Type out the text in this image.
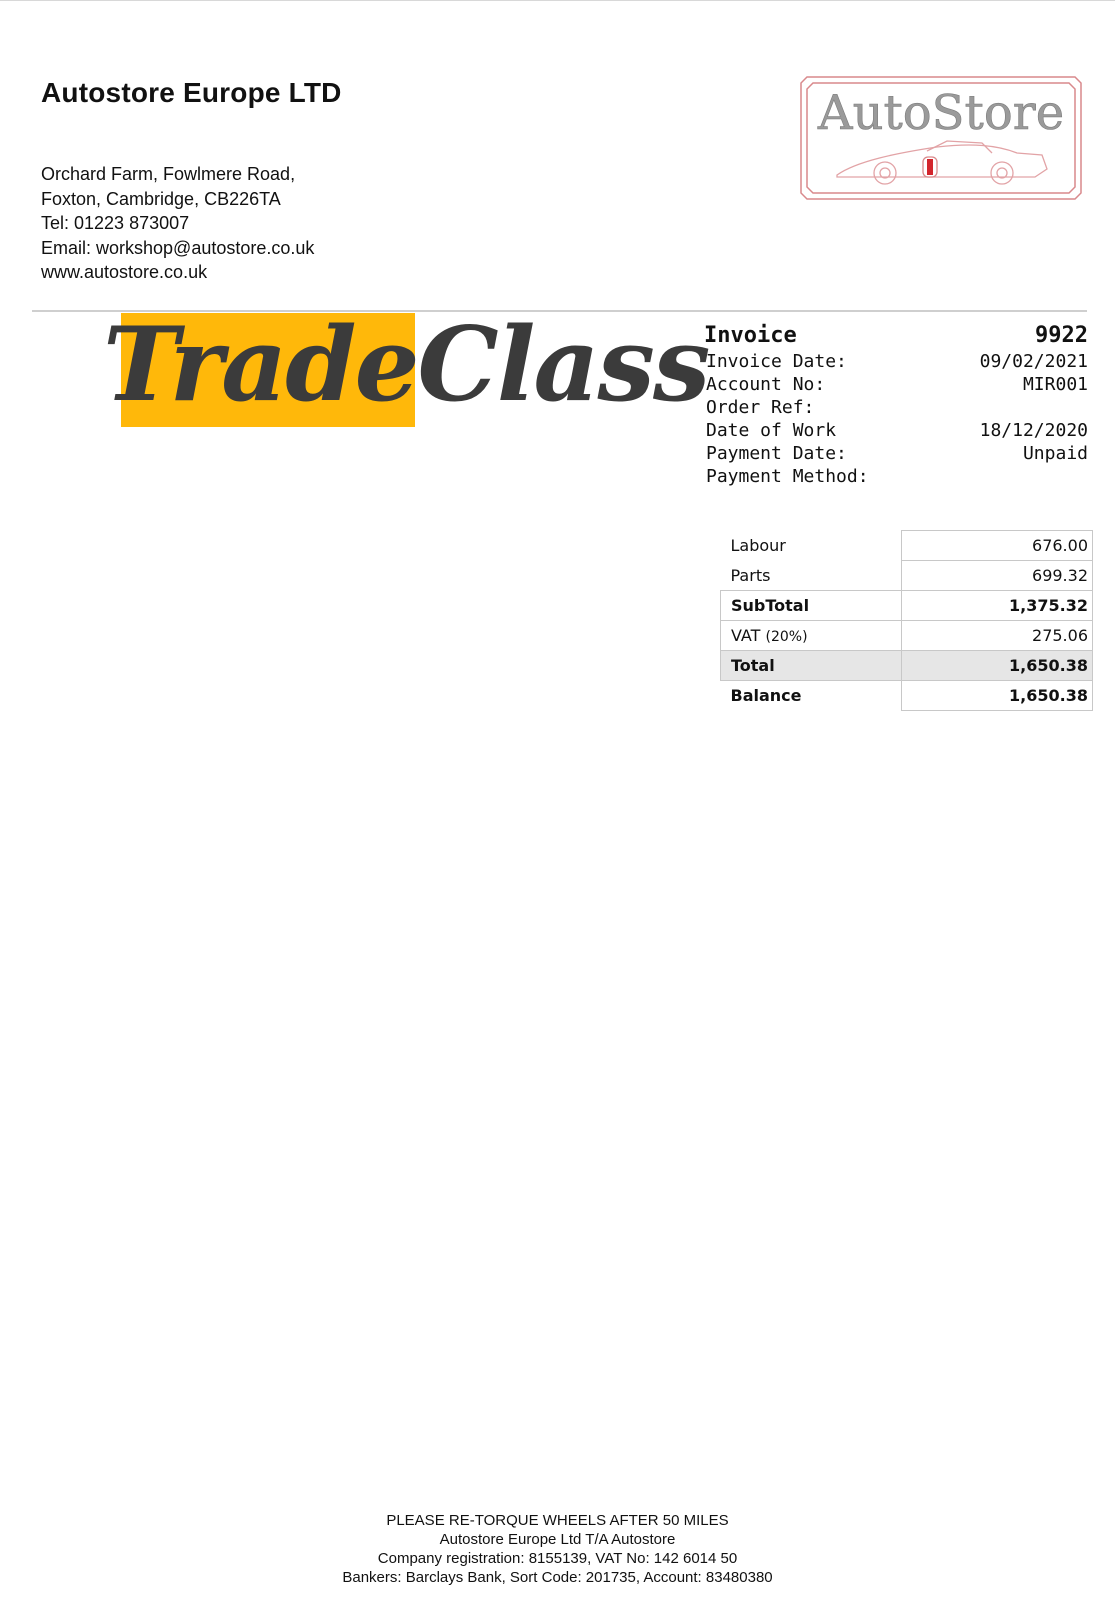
Autostore Europe LTD
Orchard Farm, Fowlmere Road,
Foxton, Cambridge, CB226TA
Tel: 01223 873007
Email: workshop@autostore.co.uk
www.autostore.co.uk
AutoStore
TradeClass
Invoice	9922
Invoice Date:	09/02/2021
Account No:	MIR001
Order Ref:
Date of Work	18/12/2020
Payment Date:	Unpaid
Payment Method:
Labour	676.00
Parts	699.32
SubTotal	1,375.32
VAT (20%)	275.06
Total	1,650.38
Balance	1,650.38
PLEASE RE-TORQUE WHEELS AFTER 50 MILES
Autostore Europe Ltd T/A Autostore
Company registration: 8155139, VAT No: 142 6014 50
Bankers: Barclays Bank, Sort Code: 201735, Account: 83480380
